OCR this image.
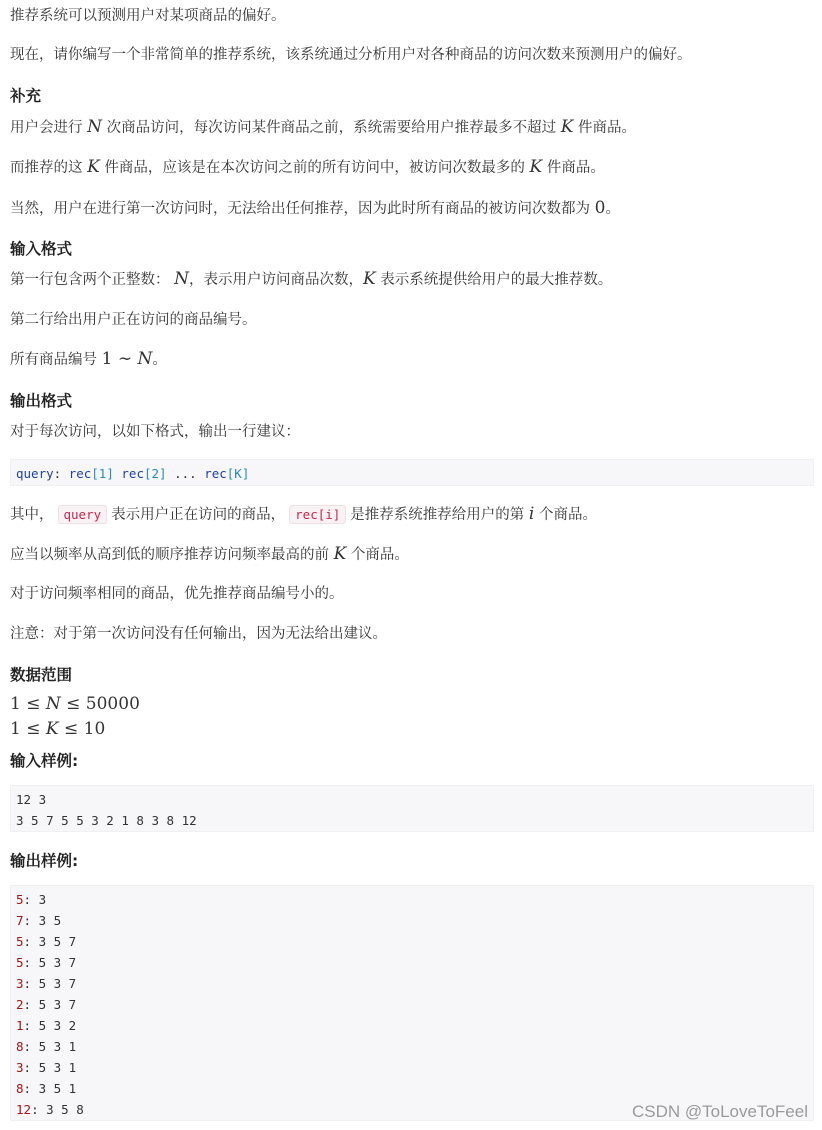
推荐系统可以预测用户对某项商品的偏好。
现在，请你编写一个非常简单的推荐系统，该系统通过分析用户对各种商品的访问次数来预测用户的偏好。
补充
用户会进行 N 次商品访问，每次访问某件商品之前，系统需要给用户推荐最多不超过 K 件商品。
而推荐的这 K 件商品，应该是在本次访问之前的所有访问中，被访问次数最多的 K 件商品。
当然，用户在进行第一次访问时，无法给出任何推荐，因为此时所有商品的被访问次数都为 0。
输入格式
第一行包含两个正整数： N，表示用户访问商品次数，K 表示系统提供给用户的最大推荐数。
第二行给出用户正在访问的商品编号。
所有商品编号 1 ∼ N。
输出格式
对于每次访问，以如下格式，输出一行建议：
query: rec[1] rec[2] ... rec[K]
其中， query 表示用户正在访问的商品， rec[i] 是推荐系统推荐给用户的第 i 个商品。
应当以频率从高到低的顺序推荐访问频率最高的前 K 个商品。
对于访问频率相同的商品，优先推荐商品编号小的。
注意：对于第一次访问没有任何输出，因为无法给出建议。
数据范围
1 ≤ N ≤ 50000
1 ≤ K ≤ 10
输入样例:
12 3
3 5 7 5 5 3 2 1 8 3 8 12
输出样例:
5: 3
7: 3 5
5: 3 5 7
5: 5 3 7
3: 5 3 7
2: 5 3 7
1: 5 3 2
8: 5 3 1
3: 5 3 1
8: 3 5 1
12: 3 5 8	CSDN @ToLoveToFeel
